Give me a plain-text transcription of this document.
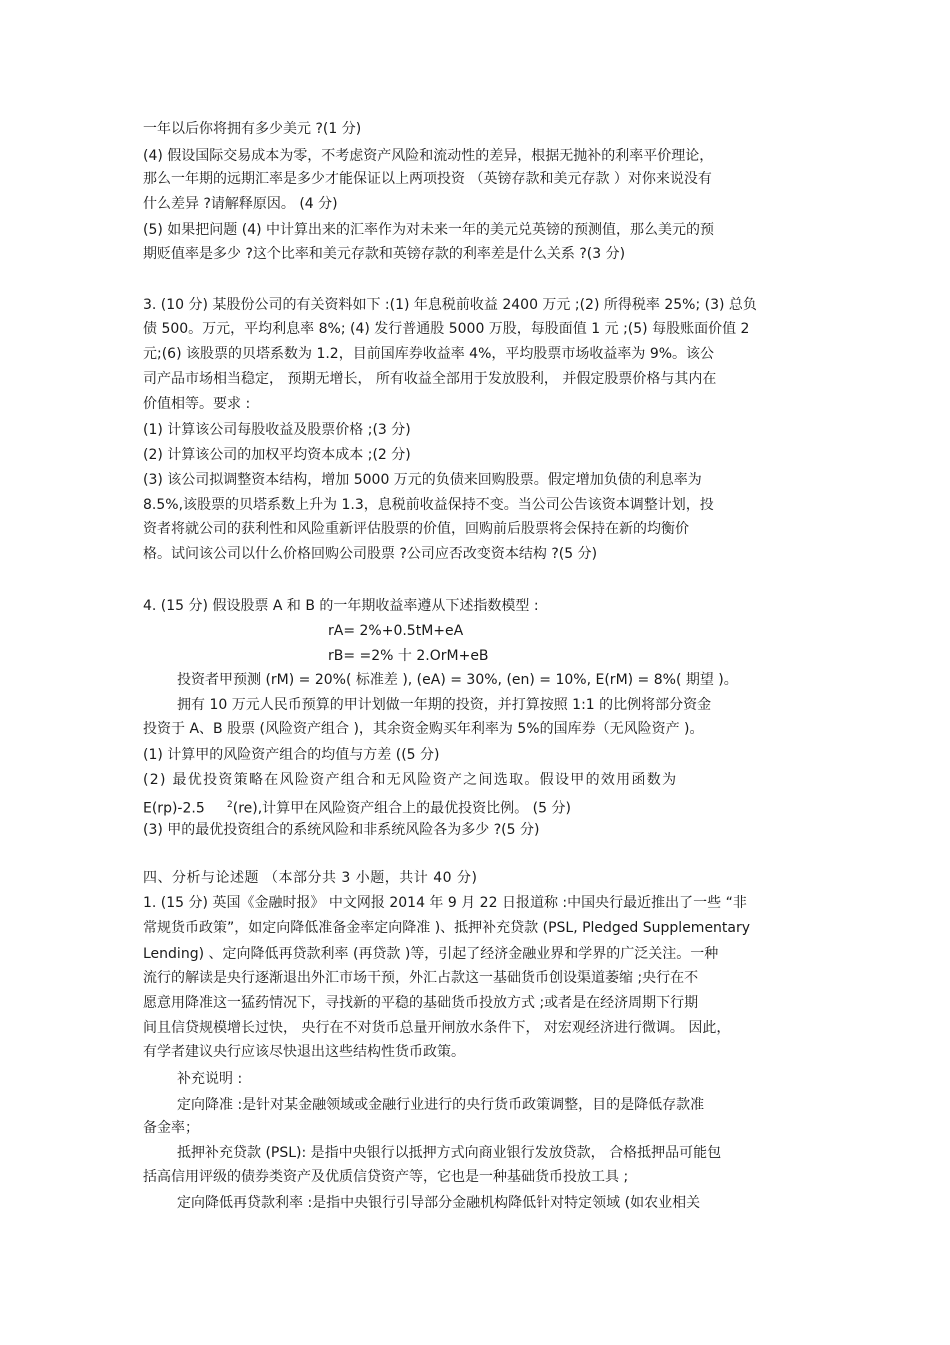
一年以后你将拥有多少美元 ?(1 分)
(4) 假设国际交易成本为零，不考虑资产风险和流动性的差异，根据无抛补的利率平价理论，
那么一年期的远期汇率是多少才能保证以上两项投资 （英镑存款和美元存款 ）对你来说没有
什么差异 ?请解释原因。 (4 分)
(5) 如果把问题 (4) 中计算出来的汇率作为对未来一年的美元兑英镑的预测值，那么美元的预
期贬值率是多少 ?这个比率和美元存款和英镑存款的利率差是什么关系 ?(3 分)
3. (10 分) 某股份公司的有关资料如下 :(1) 年息税前收益 2400 万元 ;(2) 所得税率 25%; (3) 总负
债 500。万元，平均利息率 8%; (4) 发行普通股 5000 万股，每股面值 1 元 ;(5) 每股账面价值 2
元;(6) 该股票的贝塔系数为 1.2，目前国库券收益率 4%，平均股票市场收益率为 9%。该公
司产品市场相当稳定， 预期无增长， 所有收益全部用于发放股利， 并假定股票价格与其内在
价值相等。要求 :
(1) 计算该公司每股收益及股票价格 ;(3 分)
(2) 计算该公司的加权平均资本成本 ;(2 分)
(3) 该公司拟调整资本结构，增加 5000 万元的负债来回购股票。假定增加负债的利息率为
8.5%,该股票的贝塔系数上升为 1.3，息税前收益保持不变。当公司公告该资本调整计划，投
资者将就公司的获利性和风险重新评估股票的价值，回购前后股票将会保持在新的均衡价
格。试问该公司以什么价格回购公司股票 ?公司应否改变资本结构 ?(5 分)
4. (15 分) 假设股票 A 和 B 的一年期收益率遵从下述指数模型 :
rA= 2%+0.5tM+eA
rB= =2% 十 2.OrM+eB
投资者甲预测 (rM) = 20%( 标准差 ), (eA) = 30%, (en) = 10%, E(rM) = 8%( 期望 )。
拥有 10 万元人民币预算的甲计划做一年期的投资，并打算按照 1:1 的比例将部分资金
投资于 A、B 股票 (风险资产组合 )，其余资金购买年利率为 5%的国库券（无风险资产 )。
(1) 计算甲的风险资产组合的均值与方差 ((5 分)
(2) 最优投资策略在风险资产组合和无风险资产之间选取。假设甲的效用函数为
E(rp)-2.5 $^2$(re),计算甲在风险资产组合上的最优投资比例。 (5 分)
(3) 甲的最优投资组合的系统风险和非系统风险各为多少 ?(5 分)
四、分析与论述题 （本部分共 3 小题，共计 40 分)
1. (15 分) 英国《金融时报》 中文网报 2014 年 9 月 22 日报道称 :中国央行最近推出了一些 “非
常规货币政策”，如定向降低准备金率定向降准 )、抵押补充贷款 (PSL, Pledged Supplementary
Lending) 、定向降低再贷款利率 (再贷款 )等，引起了经济金融业界和学界的广泛关注。一种
流行的解读是央行逐渐退出外汇市场干预，外汇占款这一基础货币创设渠道萎缩 ;央行在不
愿意用降准这一猛药情况下，寻找新的平稳的基础货币投放方式 ;或者是在经济周期下行期
间且信贷规模增长过快， 央行在不对货币总量开闸放水条件下， 对宏观经济进行微调。 因此，
有学者建议央行应该尽快退出这些结构性货币政策。
补充说明 :
定向降准 :是针对某金融领域或金融行业进行的央行货币政策调整，目的是降低存款准
备金率；
抵押补充贷款 (PSL): 是指中央银行以抵押方式向商业银行发放贷款， 合格抵押品可能包
括高信用评级的债券类资产及优质信贷资产等，它也是一种基础货币投放工具 ;
定向降低再贷款利率 :是指中央银行引导部分金融机构降低针对特定领域 (如农业相关
